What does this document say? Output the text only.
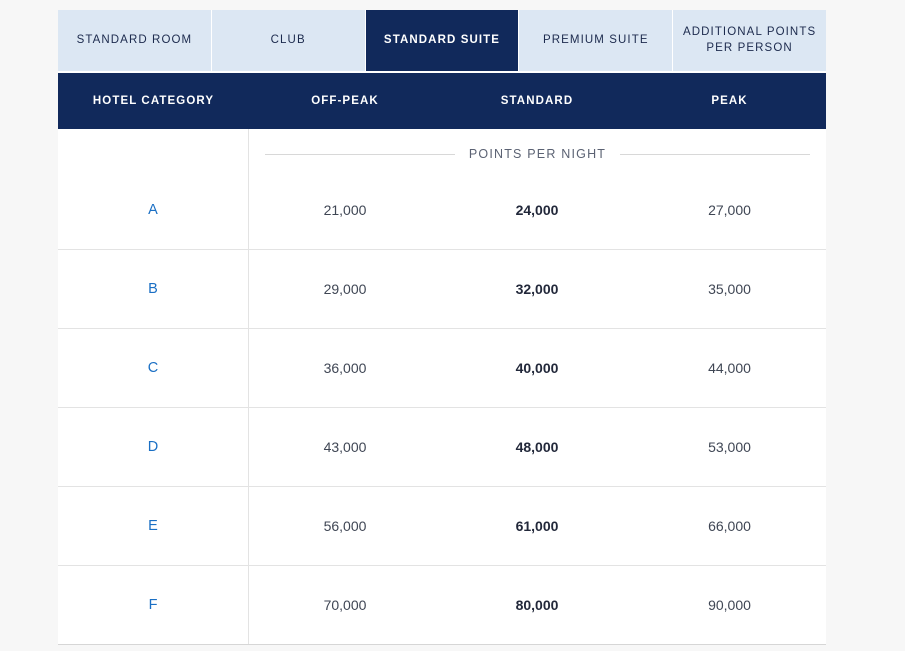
STANDARD ROOM	CLUB	STANDARD SUITE	PREMIUM SUITE
ADDITIONAL POINTS PER PERSON
HOTEL CATEGORY	OFF-PEAK	STANDARD	PEAK
POINTS PER NIGHT
A	21,000	24,000	27,000
B	29,000	32,000	35,000
C	36,000	40,000	44,000
D	43,000	48,000	53,000
E	56,000	61,000	66,000
F	70,000	80,000	90,000
